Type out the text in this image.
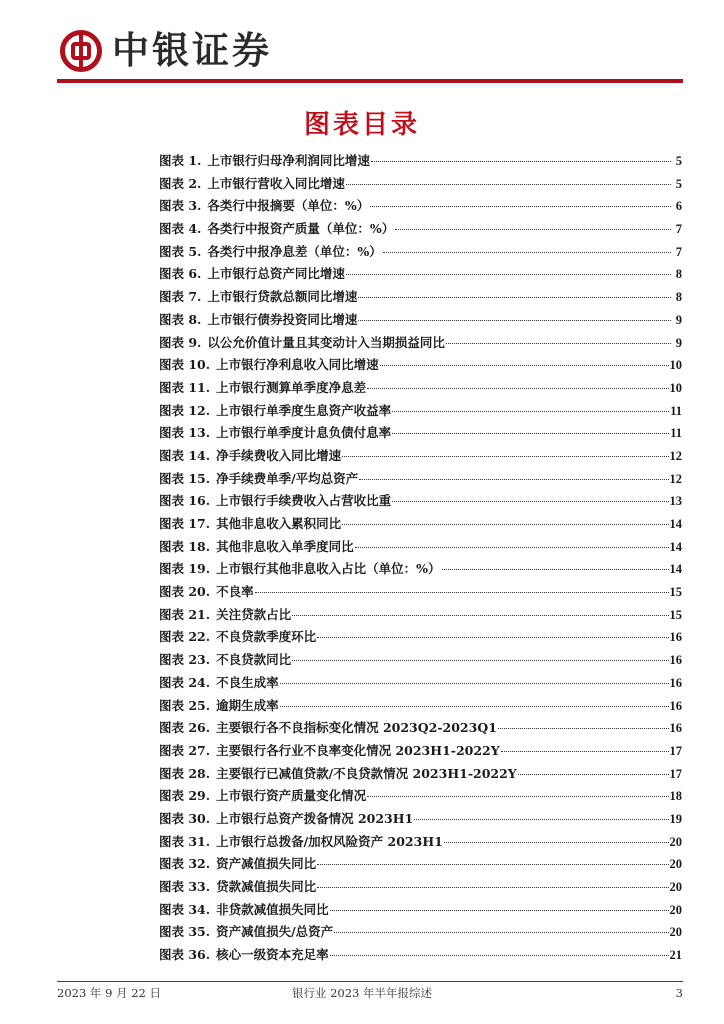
中银证券
图表目录
图表 1. 上市银行归母净利润同比增速	5
图表 2. 上市银行营收入同比增速	5
图表 3. 各类行中报摘要（单位：%）	6
图表 4. 各类行中报资产质量（单位：%）	7
图表 5. 各类行中报净息差（单位：%）	7
图表 6. 上市银行总资产同比增速	8
图表 7. 上市银行贷款总额同比增速	8
图表 8. 上市银行债券投资同比增速	9
图表 9. 以公允价值计量且其变动计入当期损益同比	9
图表 10. 上市银行净利息收入同比增速	10
图表 11. 上市银行测算单季度净息差	10
图表 12. 上市银行单季度生息资产收益率	11
图表 13. 上市银行单季度计息负债付息率	11
图表 14. 净手续费收入同比增速	12
图表 15. 净手续费单季/平均总资产	12
图表 16. 上市银行手续费收入占营收比重	13
图表 17. 其他非息收入累积同比	14
图表 18. 其他非息收入单季度同比	14
图表 19. 上市银行其他非息收入占比（单位：%）	14
图表 20. 不良率	15
图表 21. 关注贷款占比	15
图表 22. 不良贷款季度环比	16
图表 23. 不良贷款同比	16
图表 24. 不良生成率	16
图表 25. 逾期生成率	16
图表 26. 主要银行各不良指标变化情况 2023Q2-2023Q1	16
图表 27. 主要银行各行业不良率变化情况 2023H1-2022Y	17
图表 28. 主要银行已减值贷款/不良贷款情况 2023H1-2022Y	17
图表 29. 上市银行资产质量变化情况	18
图表 30. 上市银行总资产拨备情况 2023H1	19
图表 31. 上市银行总拨备/加权风险资产 2023H1	20
图表 32. 资产减值损失同比	20
图表 33. 贷款减值损失同比	20
图表 34. 非贷款减值损失同比	20
图表 35. 资产减值损失/总资产	20
图表 36. 核心一级资本充足率	21
2023 年 9 月 22 日	银行业 2023 年半年报综述	3
